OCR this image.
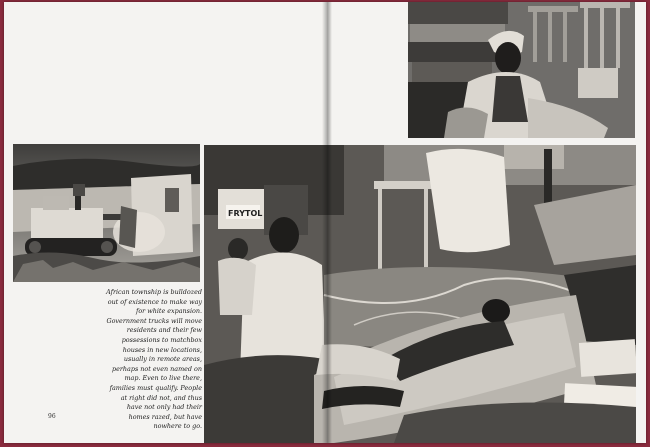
FRYTOL
African township is bulldozed out of existence to make way for white expansion. Government trucks will move residents and their few possessions to matchbox houses in new locations, usually in remote areas, perhaps not even named on map. Even to live there, families must qualify. People at right did not, and thus have not only had their homes razed, but have nowhere to go.
96
